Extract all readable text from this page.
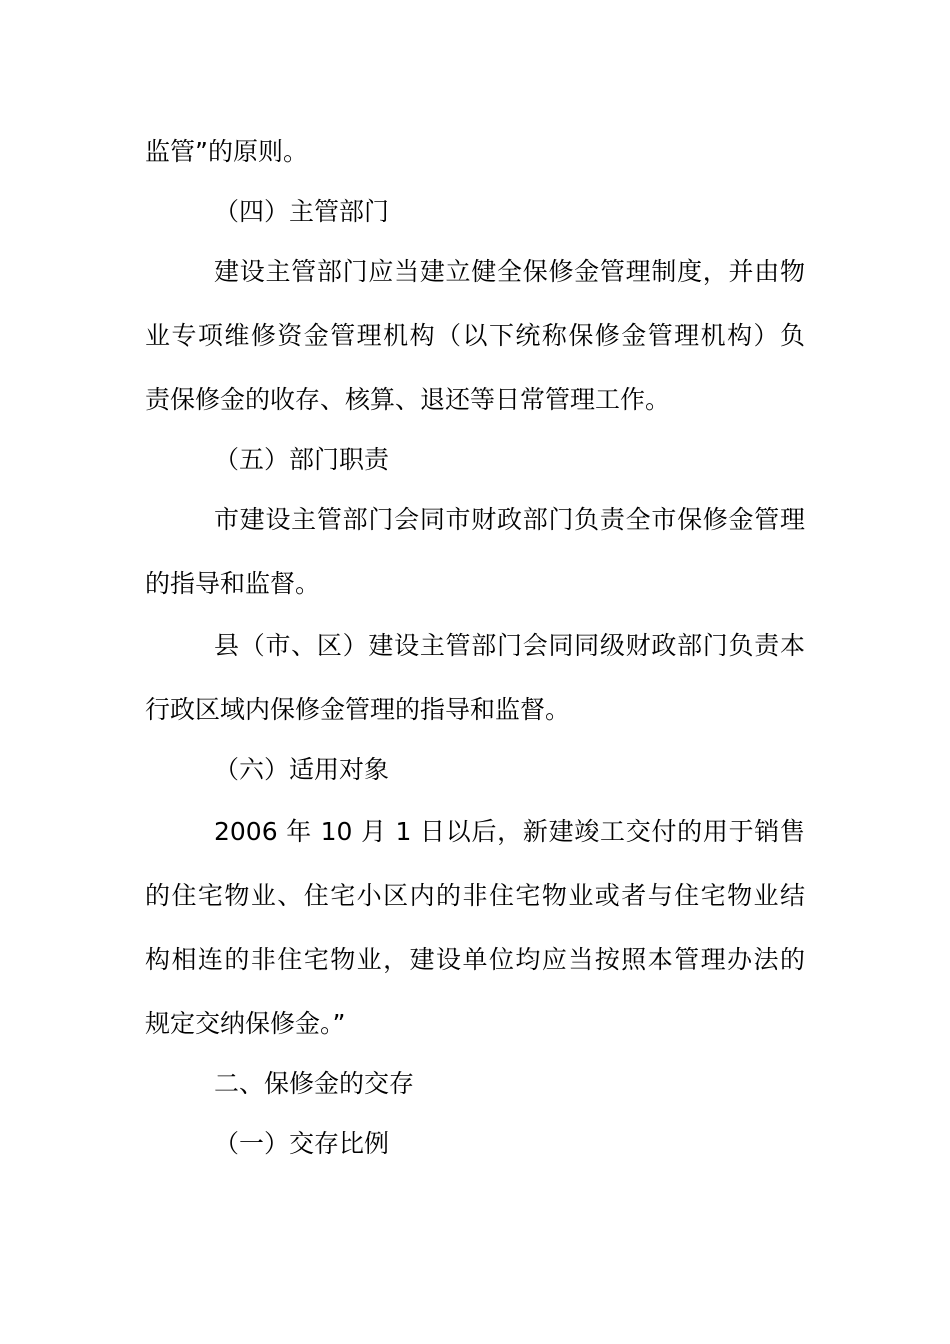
监管”的原则。
（四）主管部门
建设主管部门应当建立健全保修金管理制度，并由物
业专项维修资金管理机构（以下统称保修金管理机构）负
责保修金的收存、核算、退还等日常管理工作。
（五）部门职责
市建设主管部门会同市财政部门负责全市保修金管理
的指导和监督。
县（市、区）建设主管部门会同同级财政部门负责本
行政区域内保修金管理的指导和监督。
（六）适用对象
2006 年 10 月 1 日以后，新建竣工交付的用于销售
的住宅物业、住宅小区内的非住宅物业或者与住宅物业结
构相连的非住宅物业，建设单位均应当按照本管理办法的
规定交纳保修金。”
二、保修金的交存
（一）交存比例
